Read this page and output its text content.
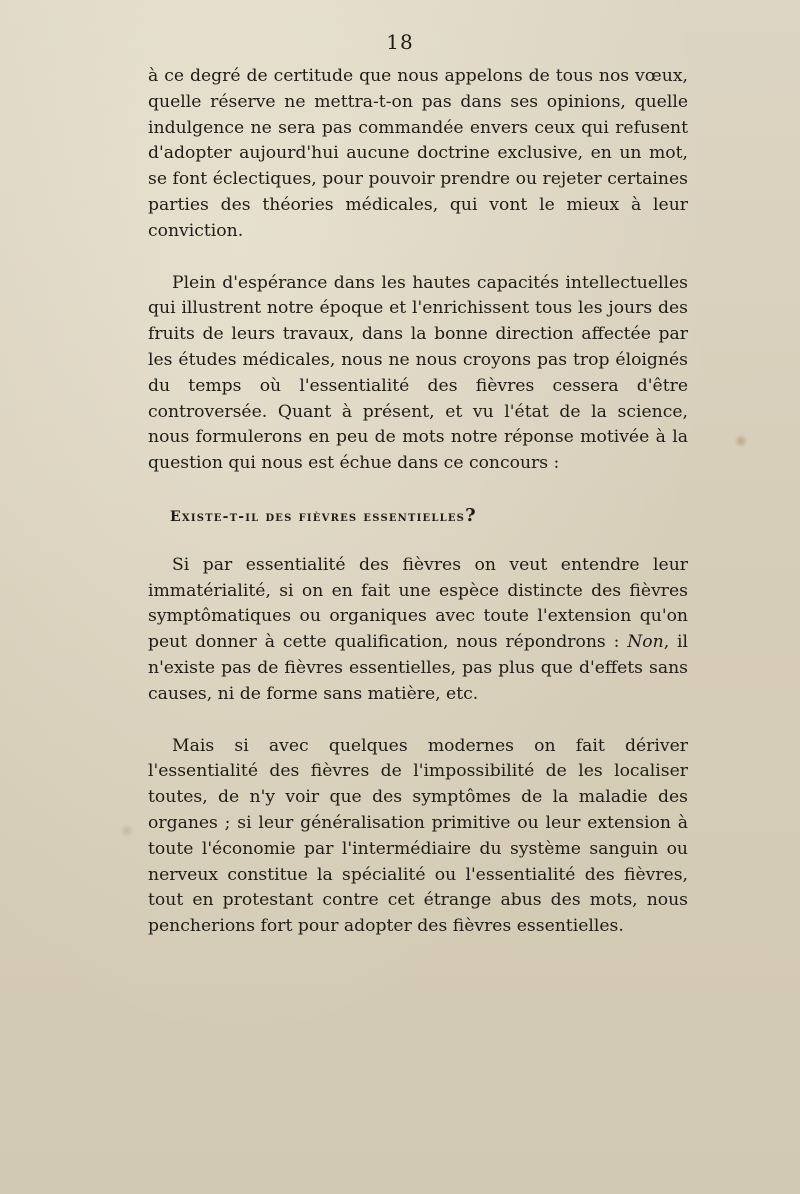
18

à ce degré de certitude que nous appelons de tous nos vœux, quelle réserve ne mettra-t-on pas dans ses opinions, quelle indulgence ne sera pas commandée envers ceux qui refusent d'adopter aujourd'hui aucune doctrine exclusive, en un mot, se font éclectiques, pour pouvoir prendre ou rejeter certaines parties des théories médicales, qui vont le mieux à leur conviction.

Plein d'espérance dans les hautes capacités intellectuelles qui illustrent notre époque et l'enrichissent tous les jours des fruits de leurs travaux, dans la bonne direction affectée par les études médicales, nous ne nous croyons pas trop éloignés du temps où l'essentialité des fièvres cessera d'être controversée. Quant à présent, et vu l'état de la science, nous formulerons en peu de mots notre réponse motivée à la question qui nous est échue dans ce concours :

Existe-t-il des fièvres essentielles?

Si par essentialité des fièvres on veut entendre leur immatérialité, si on en fait une espèce distincte des fièvres symptômatiques ou organiques avec toute l'extension qu'on peut donner à cette qualification, nous répondrons : Non, il n'existe pas de fièvres essentielles, pas plus que d'effets sans causes, ni de forme sans matière, etc.

Mais si avec quelques modernes on fait dériver l'essentialité des fièvres de l'impossibilité de les localiser toutes, de n'y voir que des symptômes de la maladie des organes ; si leur généralisation primitive ou leur extension à toute l'économie par l'intermédiaire du système sanguin ou nerveux constitue la spécialité ou l'essentialité des fièvres, tout en protestant contre cet étrange abus des mots, nous pencherions fort pour adopter des fièvres essentielles.
